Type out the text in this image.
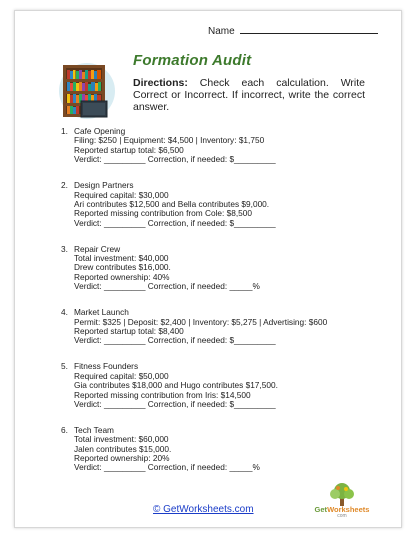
Name
Formation Audit
Directions: Check each calculation. Write Correct or Incorrect. If incorrect, write the correct answer.
1. Cafe Opening
Filing: $250 | Equipment: $4,500 | Inventory: $1,750
Reported startup total: $6,500
Verdict: _________ Correction, if needed: $_________
2. Design Partners
Required capital: $30,000
Ari contributes $12,500 and Bella contributes $9,000.
Reported missing contribution from Cole: $8,500
Verdict: _________ Correction, if needed: $_________
3. Repair Crew
Total investment: $40,000
Drew contributes $16,000.
Reported ownership: 40%
Verdict: _________ Correction, if needed: _____%
4. Market Launch
Permit: $325 | Deposit: $2,400 | Inventory: $5,275 | Advertising: $600
Reported startup total: $8,400
Verdict: _________ Correction, if needed: $_________
5. Fitness Founders
Required capital: $50,000
Gia contributes $18,000 and Hugo contributes $17,500.
Reported missing contribution from Iris: $14,500
Verdict: _________ Correction, if needed: $_________
6. Tech Team
Total investment: $60,000
Jalen contributes $15,000.
Reported ownership: 20%
Verdict: _________ Correction, if needed: _____%
© GetWorksheets.com	GetWorksheets
com
